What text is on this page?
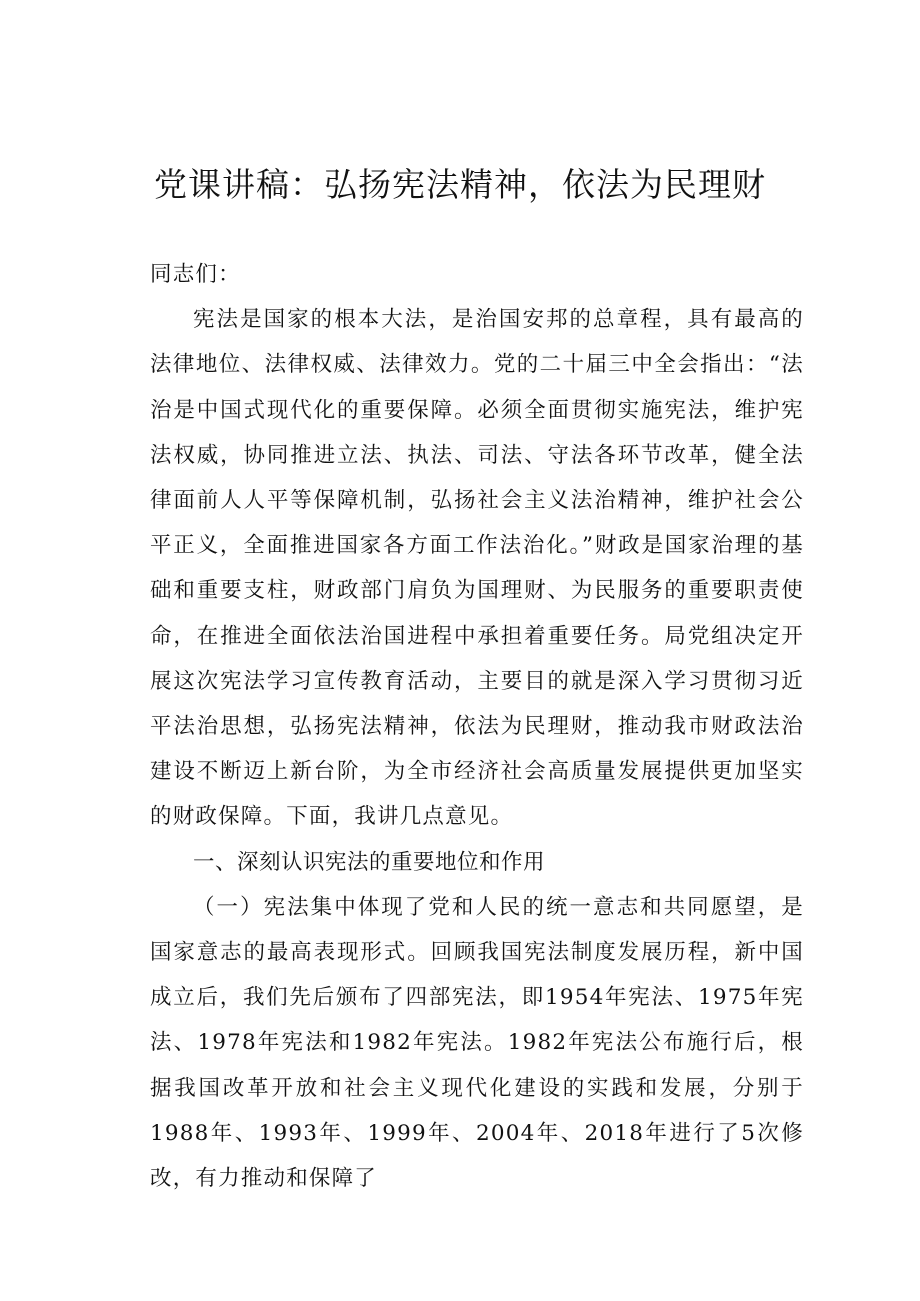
党课讲稿：弘扬宪法精神，依法为民理财

同志们：

宪法是国家的根本大法，是治国安邦的总章程，具有最高的法律地位、法律权威、法律效力。党的二十届三中全会指出：“法治是中国式现代化的重要保障。必须全面贯彻实施宪法，维护宪法权威，协同推进立法、执法、司法、守法各环节改革，健全法律面前人人平等保障机制，弘扬社会主义法治精神，维护社会公平正义，全面推进国家各方面工作法治化。”财政是国家治理的基础和重要支柱，财政部门肩负为国理财、为民服务的重要职责使命，在推进全面依法治国进程中承担着重要任务。局党组决定开展这次宪法学习宣传教育活动，主要目的就是深入学习贯彻习近平法治思想，弘扬宪法精神，依法为民理财，推动我市财政法治建设不断迈上新台阶，为全市经济社会高质量发展提供更加坚实的财政保障。下面，我讲几点意见。

一、深刻认识宪法的重要地位和作用

（一）宪法集中体现了党和人民的统一意志和共同愿望，是国家意志的最高表现形式。回顾我国宪法制度发展历程，新中国成立后，我们先后颁布了四部宪法，即1954年宪法、1975年宪法、1978年宪法和1982年宪法。1982年宪法公布施行后，根据我国改革开放和社会主义现代化建设的实践和发展，分别于1988年、1993年、1999年、2004年、2018年进行了5次修改，有力推动和保障了
